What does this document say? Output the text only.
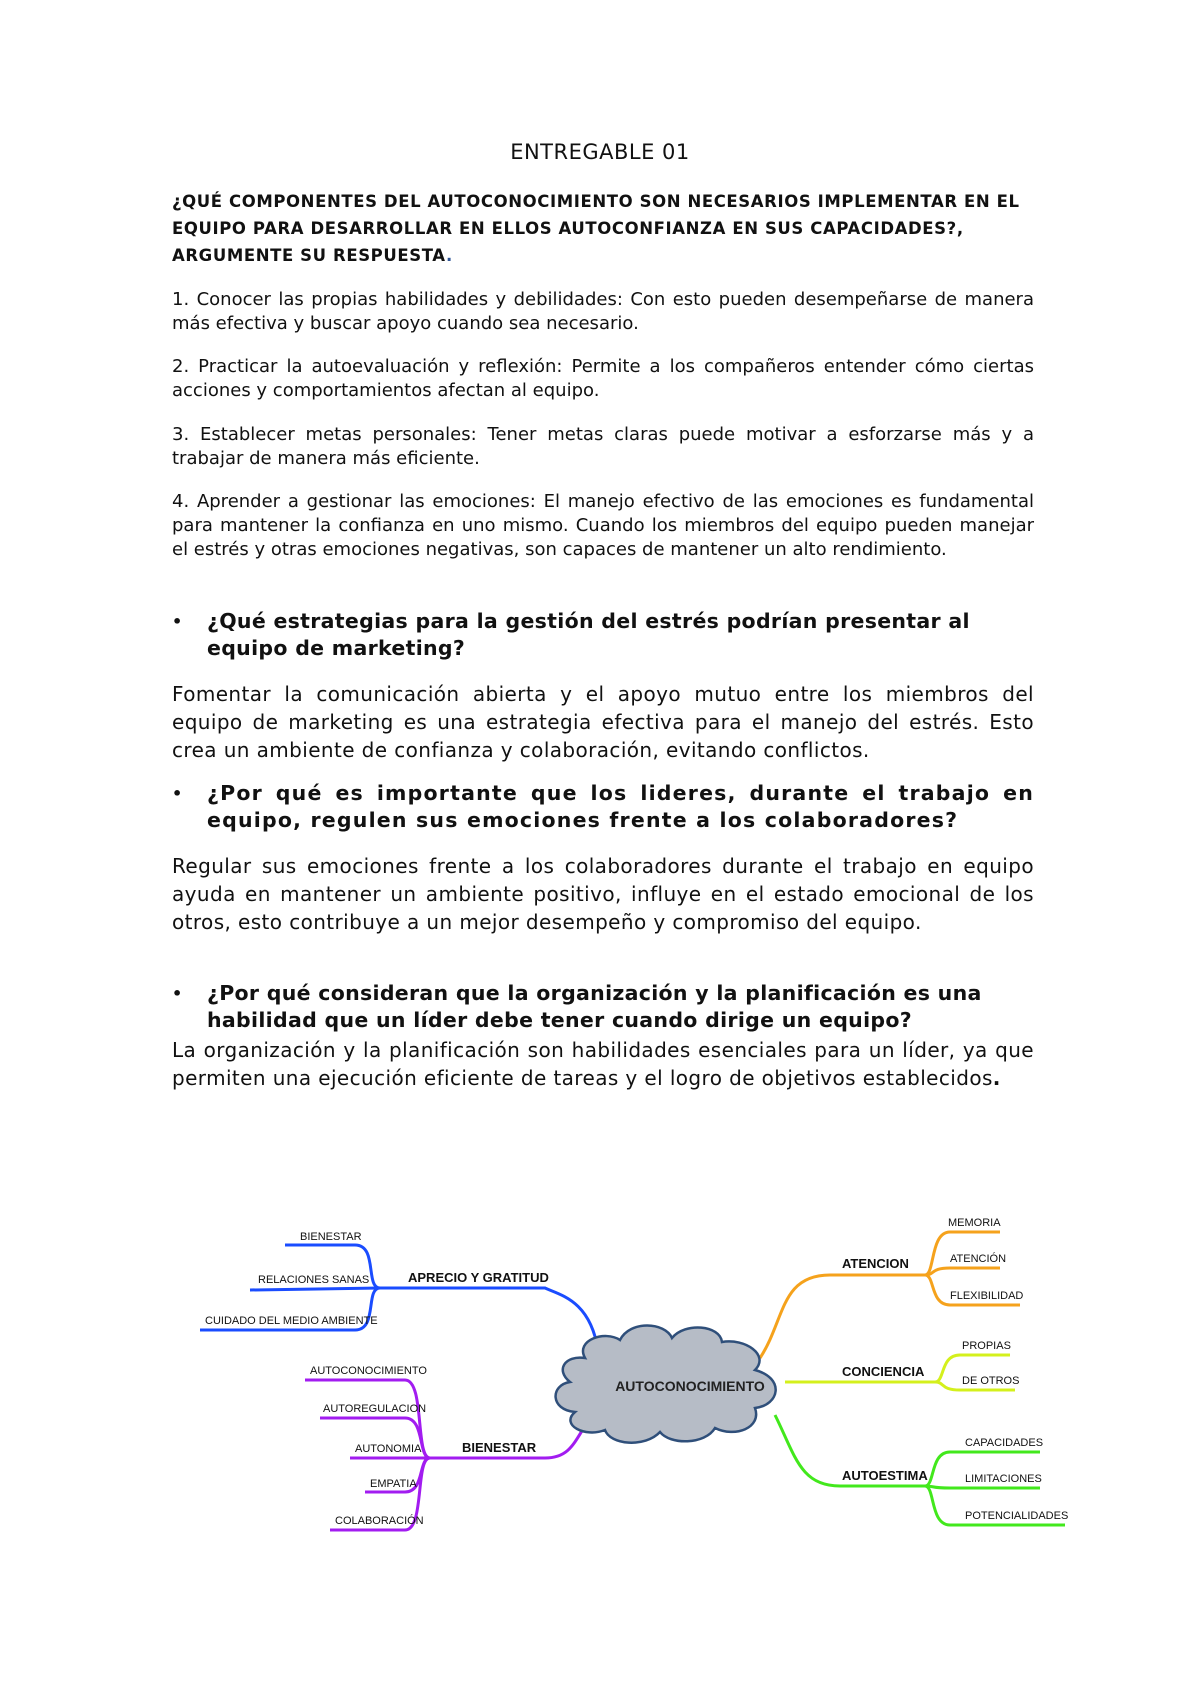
ENTREGABLE 01
¿QUÉ COMPONENTES DEL AUTOCONOCIMIENTO SON NECESARIOS IMPLEMENTAR EN EL EQUIPO PARA DESARROLLAR EN ELLOS AUTOCONFIANZA EN SUS CAPACIDADES?, ARGUMENTE SU RESPUESTA.
1. Conocer las propias habilidades y debilidades: Con esto pueden desempeñarse de manera más efectiva y buscar apoyo cuando sea necesario.
2. Practicar la autoevaluación y reflexión: Permite a los compañeros entender cómo ciertas acciones y comportamientos afectan al equipo.
3. Establecer metas personales: Tener metas claras puede motivar a esforzarse más y a trabajar de manera más eficiente.
4. Aprender a gestionar las emociones: El manejo efectivo de las emociones es fundamental para mantener la confianza en uno mismo. Cuando los miembros del equipo pueden manejar el estrés y otras emociones negativas, son capaces de mantener un alto rendimiento.
• ¿Qué estrategias para la gestión del estrés podrían presentar al equipo de marketing?
Fomentar la comunicación abierta y el apoyo mutuo entre los miembros del equipo de marketing es una estrategia efectiva para el manejo del estrés. Esto crea un ambiente de confianza y colaboración, evitando conflictos.
• ¿Por qué es importante que los lideres, durante el trabajo en equipo, regulen sus emociones frente a los colaboradores?
Regular sus emociones frente a los colaboradores durante el trabajo en equipo ayuda en mantener un ambiente positivo, influye en el estado emocional de los otros, esto contribuye a un mejor desempeño y compromiso del equipo.
• ¿Por qué consideran que la organización y la planificación es una habilidad que un líder debe tener cuando dirige un equipo?
La organización y la planificación son habilidades esenciales para un líder, ya que permiten una ejecución eficiente de tareas y el logro de objetivos establecidos.
APRECIO Y GRATITUD
BIENESTAR
RELACIONES SANAS
CUIDADO DEL MEDIO AMBIENTE
BIENESTAR
AUTOCONOCIMIENTO
AUTOREGULACION
AUTONOMIA
EMPATIA
COLABORACIÓN
ATENCION
MEMORIA
ATENCIÓN
FLEXIBILIDAD
CONCIENCIA
PROPIAS
DE OTROS
AUTOESTIMA
CAPACIDADES
LIMITACIONES
POTENCIALIDADES
AUTOCONOCIMIENTO
